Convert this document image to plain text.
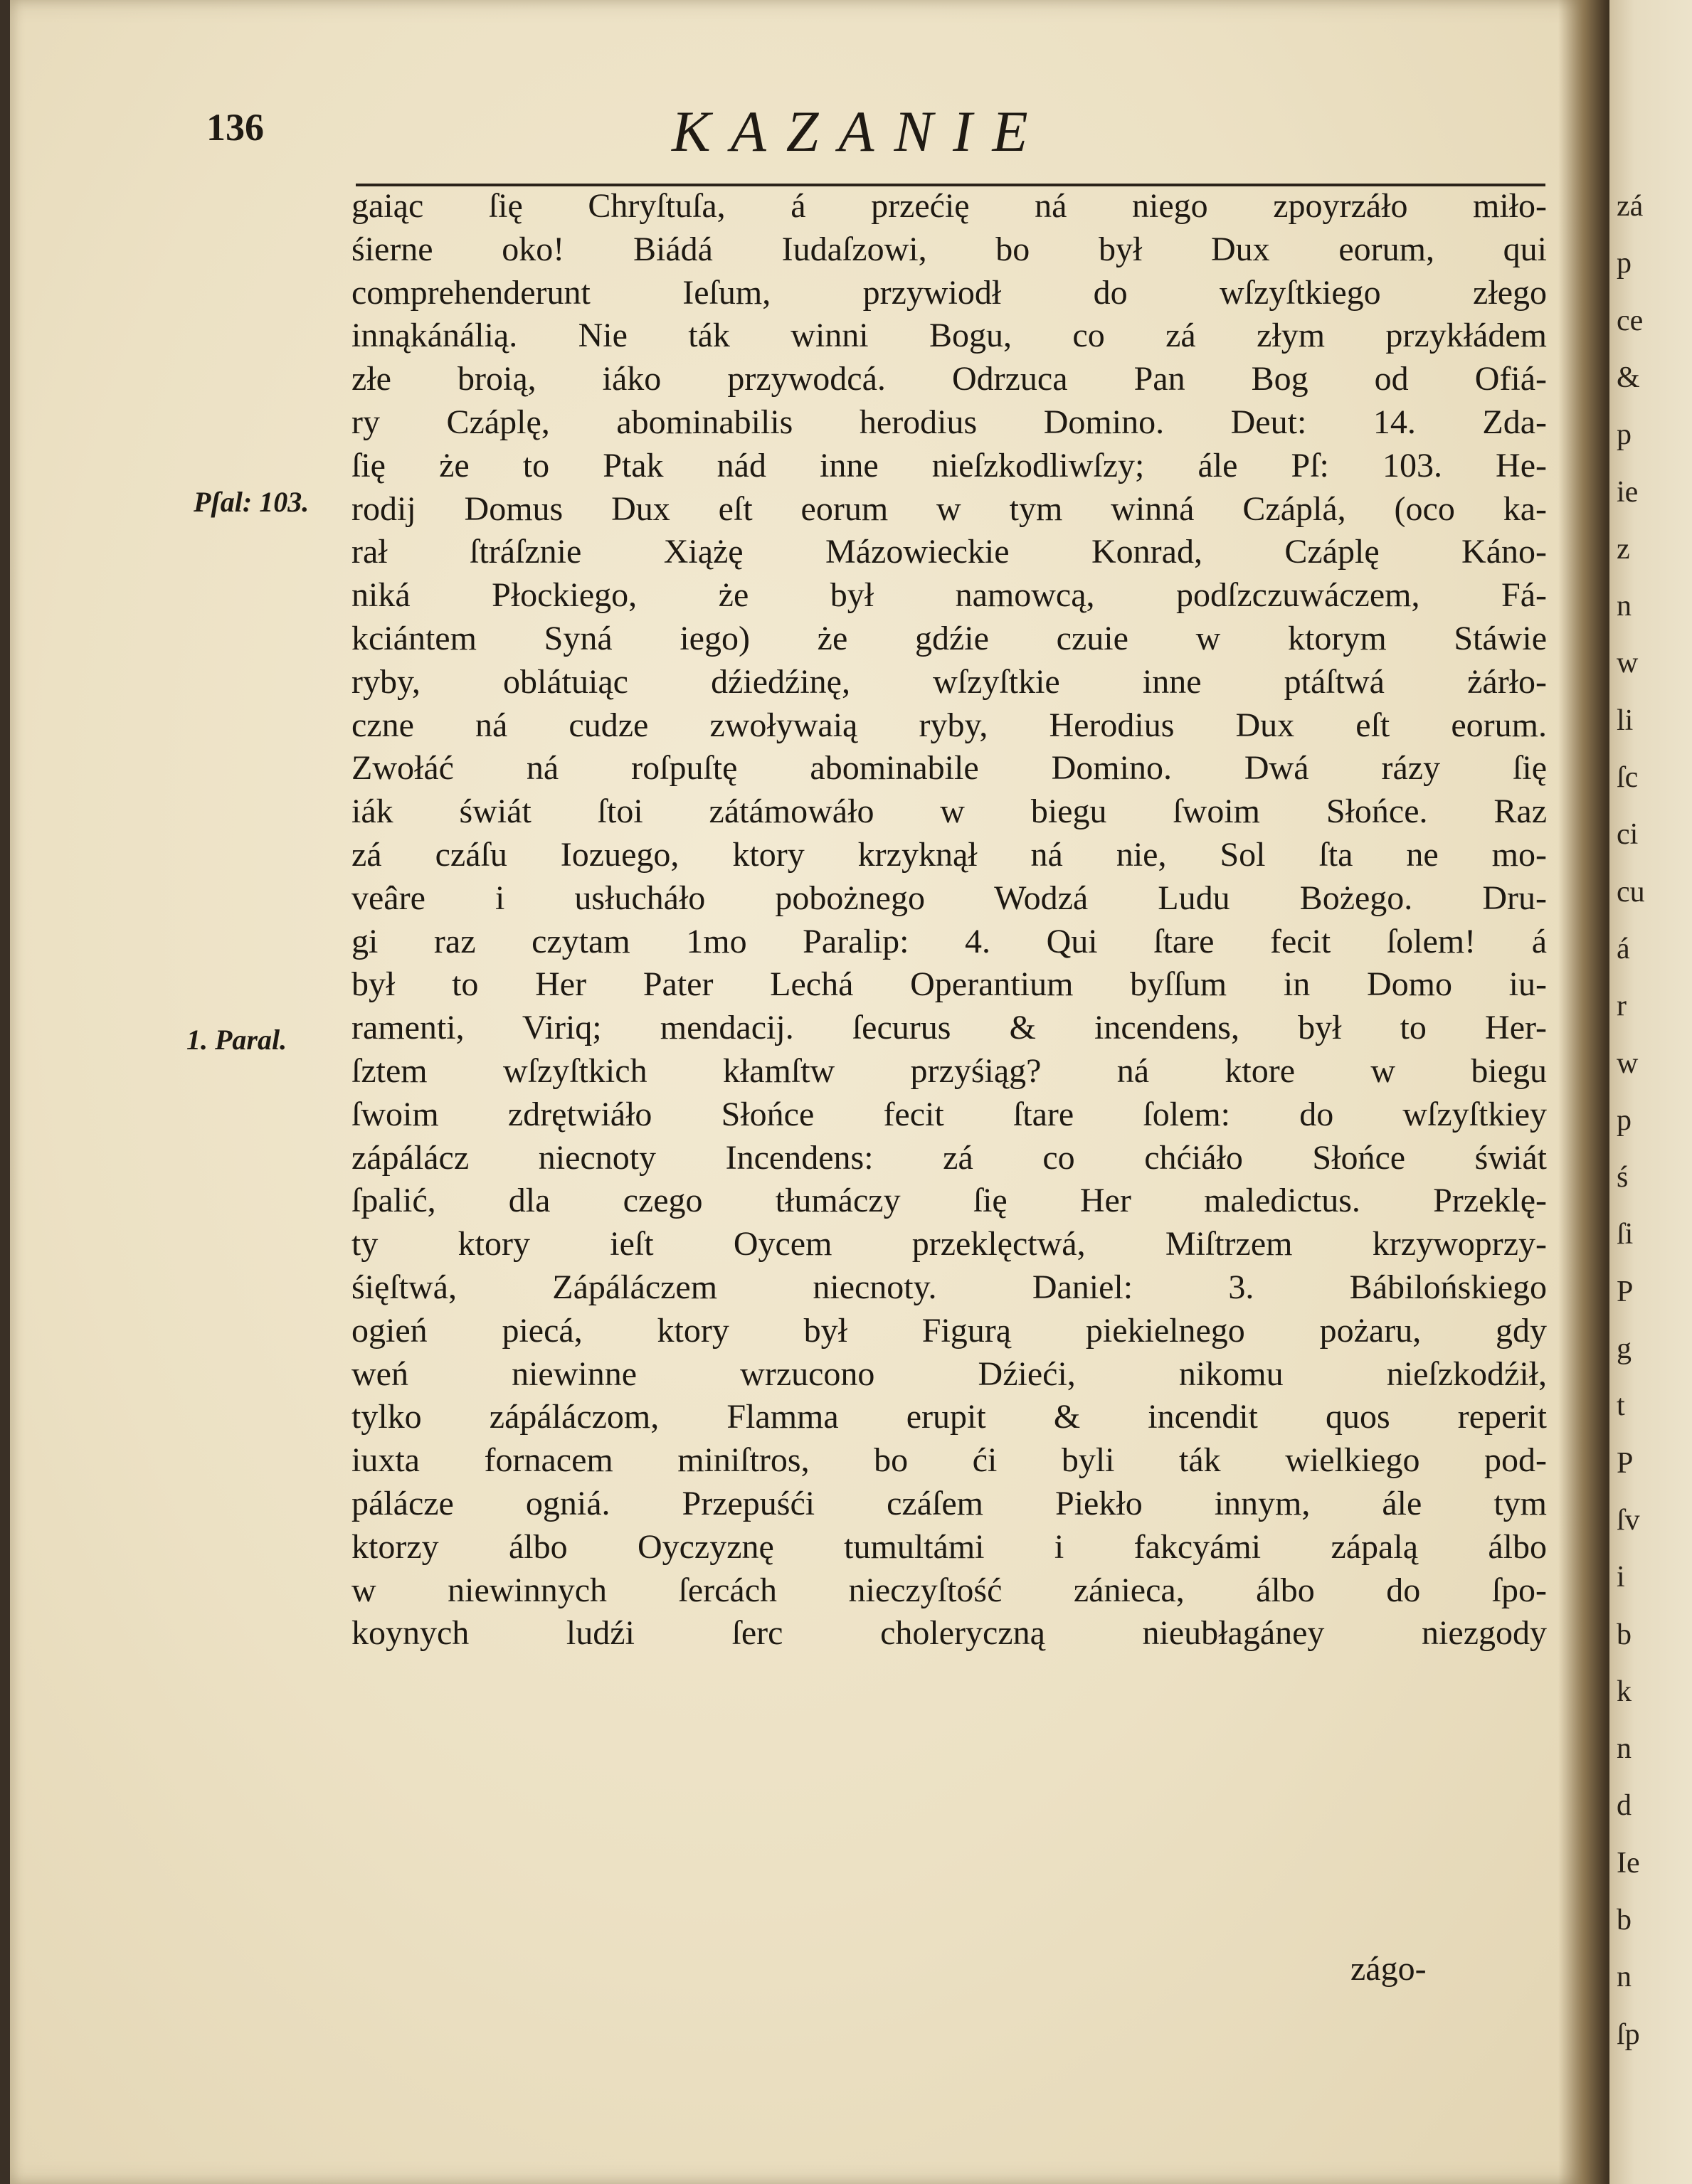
136	KAZANIE
Pſal: 103.
1. Paral.
gaiąc ſię Chryſtuſa, á przećię ná niego zpoyrzáło miło-
śierne oko! Biádá Iudaſzowi, bo był Dux eorum, qui
comprehenderunt Ieſum, przywiodł do wſzyſtkiego złego
innąkánálią. Nie ták winni Bogu, co zá złym przykłádem
złe broią, iáko przywodcá. Odrzuca Pan Bog od Ofiá-
ry Czáplę, abominabilis herodius Domino. Deut: 14. Zda-
ſię że to Ptak nád inne nieſzkodliwſzy; ále Pſ: 103. He-
rodij Domus Dux eſt eorum w tym winná Czáplá, (oco ka-
rał ſtráſznie Xiążę Mázowieckie Konrad, Czáplę Káno-
niká Płockiego, że był namowcą, podſzczuwáczem, Fá-
kciántem Syná iego) że gdźie czuie w ktorym Stáwie
ryby, oblátuiąc dźiedźinę, wſzyſtkie inne ptáſtwá żárło-
czne ná cudze zwoływaią ryby, Herodius Dux eſt eorum.
Zwołáć ná roſpuſtę abominabile Domino. Dwá rázy ſię
iák świát ſtoi zátámowáło w biegu ſwoim Słońce. Raz
zá czáſu Iozuego, ktory krzyknął ná nie, Sol ſta ne mo-
veâre i usłucháło pobożnego Wodzá Ludu Bożego. Dru-
gi raz czytam 1mo Paralip: 4. Qui ſtare fecit ſolem! á
był to Her Pater Lechá Operantium byſſum in Domo iu-
ramenti, Viriq; mendacij. ſecurus & incendens, był to Her-
ſztem wſzyſtkich kłamſtw przyśiąg? ná ktore w biegu
ſwoim zdrętwiáło Słońce fecit ſtare ſolem: do wſzyſtkiey
zápálácz niecnoty Incendens: zá co chćiáło Słońce świát
ſpalić, dla czego tłumáczy ſię Her maledictus. Przeklę-
ty ktory ieſt Oycem przeklęctwá, Miſtrzem krzywoprzy-
śięſtwá, Zápáláczem niecnoty. Daniel: 3. Bábilońskiego
ogień piecá, ktory był Figurą piekielnego pożaru, gdy
weń niewinne wrzucono Dźieći, nikomu nieſzkodźił,
tylko zápáláczom, Flamma erupit & incendit quos reperit
iuxta fornacem miniſtros, bo ći byli ták wielkiego pod-
pálácze ogniá. Przepuśći czáſem Piekło innym, ále tym
ktorzy álbo Oyczyznę tumultámi i fakcyámi zápalą álbo
w niewinnych ſercách nieczyſtość zánieca, álbo do ſpo-
koynych ludźi ſerc choleryczną nieubłagáney niezgody
zágo-
zá
p
ce
&
p
ie
z
n
w
li
ſc
ci
cu
á
r
w
p
ś
ſi
P
g
t
P
ſv
i
b
k
n
d
Ie
b
n
ſp
